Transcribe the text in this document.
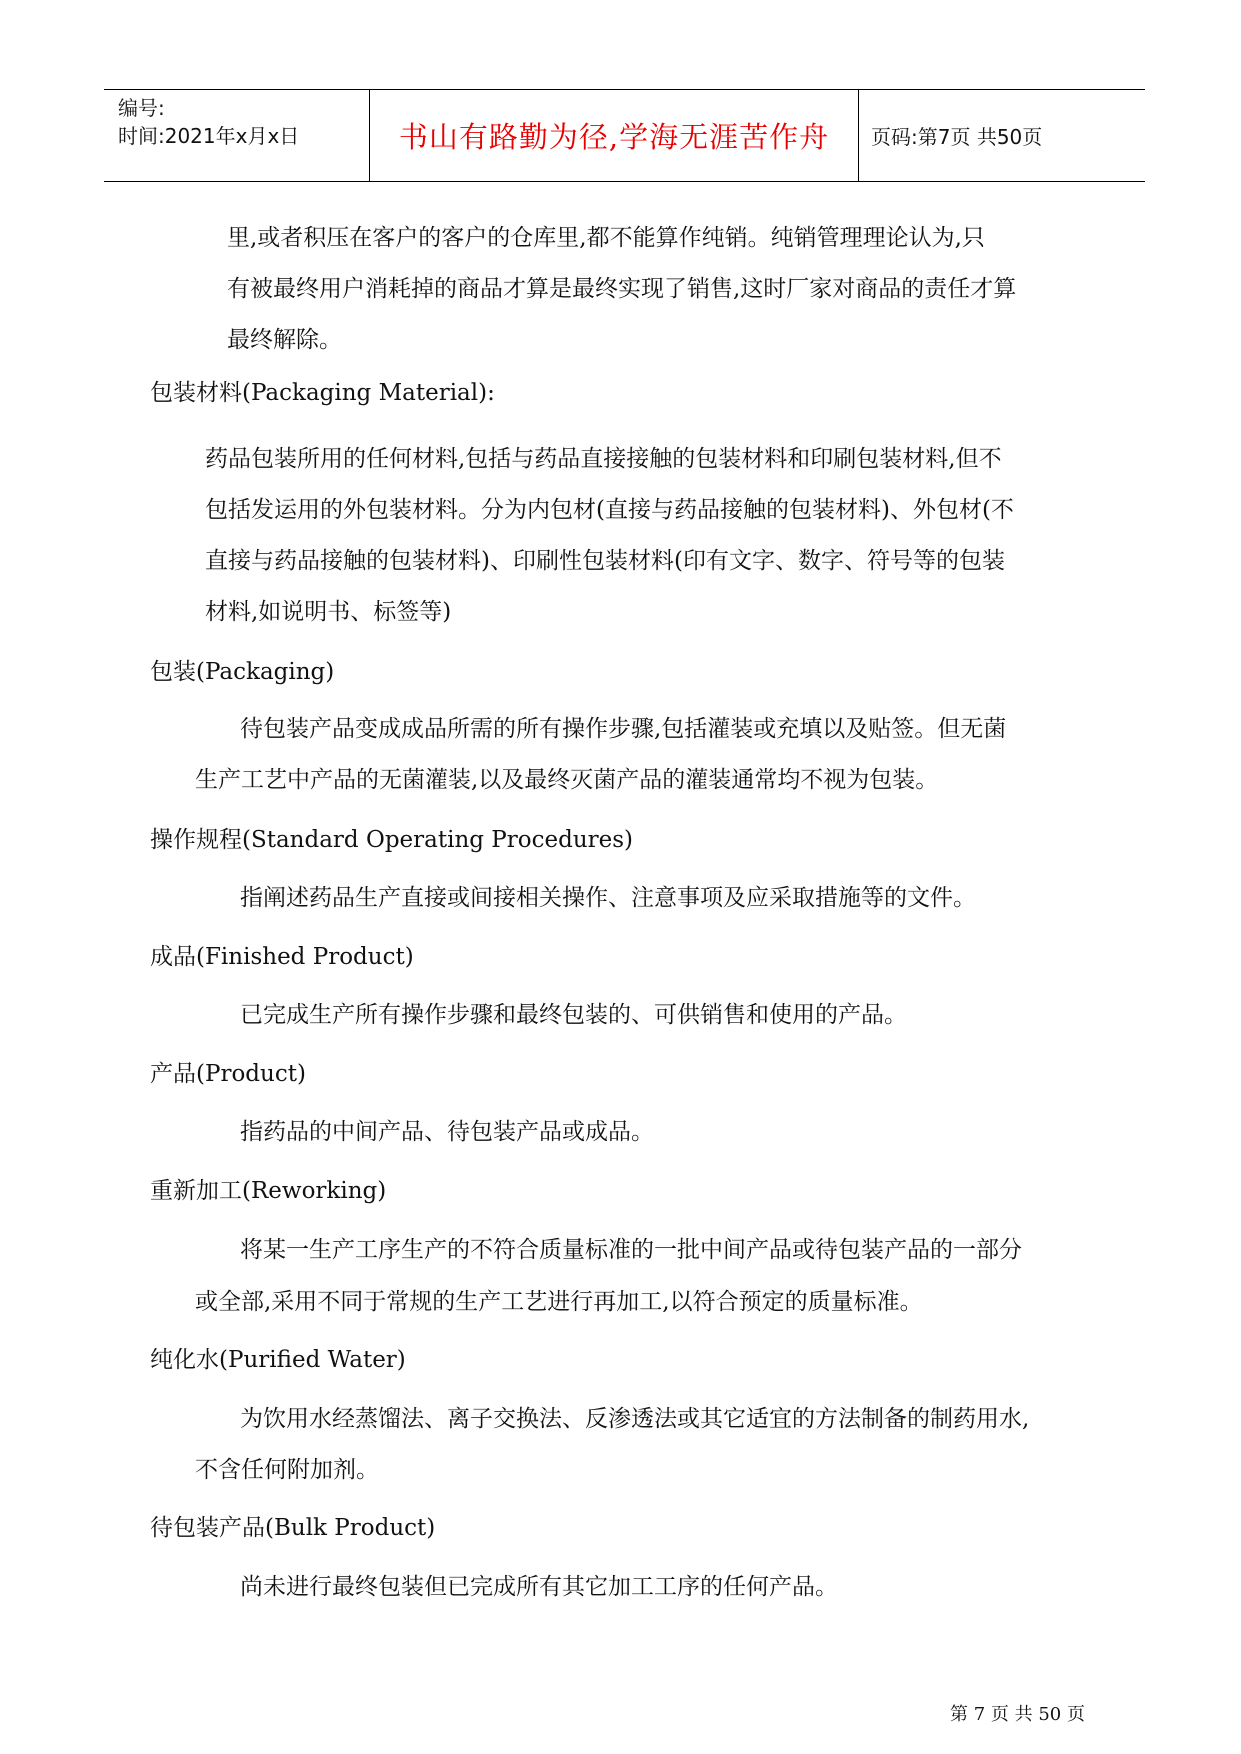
编号:
时间:2021年x月x日	书山有路勤为径,学海无涯苦作舟	页码:第7页 共50页
里,或者积压在客户的客户的仓库里,都不能算作纯销。纯销管理理论认为,只
有被最终用户消耗掉的商品才算是最终实现了销售,这时厂家对商品的责任才算
最终解除。
包装材料(Packaging Material):
药品包装所用的任何材料,包括与药品直接接触的包装材料和印刷包装材料,但不
包括发运用的外包装材料。分为内包材(直接与药品接触的包装材料)、外包材(不
直接与药品接触的包装材料)、印刷性包装材料(印有文字、数字、符号等的包装
材料,如说明书、标签等)
包装(Packaging)
待包装产品变成成品所需的所有操作步骤,包括灌装或充填以及贴签。但无菌
生产工艺中产品的无菌灌装,以及最终灭菌产品的灌装通常均不视为包装。
操作规程(Standard Operating Procedures)
指阐述药品生产直接或间接相关操作、注意事项及应采取措施等的文件。
成品(Finished Product)
已完成生产所有操作步骤和最终包装的、可供销售和使用的产品。
产品(Product)
指药品的中间产品、待包装产品或成品。
重新加工(Reworking)
将某一生产工序生产的不符合质量标准的一批中间产品或待包装产品的一部分
或全部,采用不同于常规的生产工艺进行再加工,以符合预定的质量标准。
纯化水(Purified Water)
为饮用水经蒸馏法、离子交换法、反渗透法或其它适宜的方法制备的制药用水,
不含任何附加剂。
待包装产品(Bulk Product)
尚未进行最终包装但已完成所有其它加工工序的任何产品。
第 7 页 共 50 页
